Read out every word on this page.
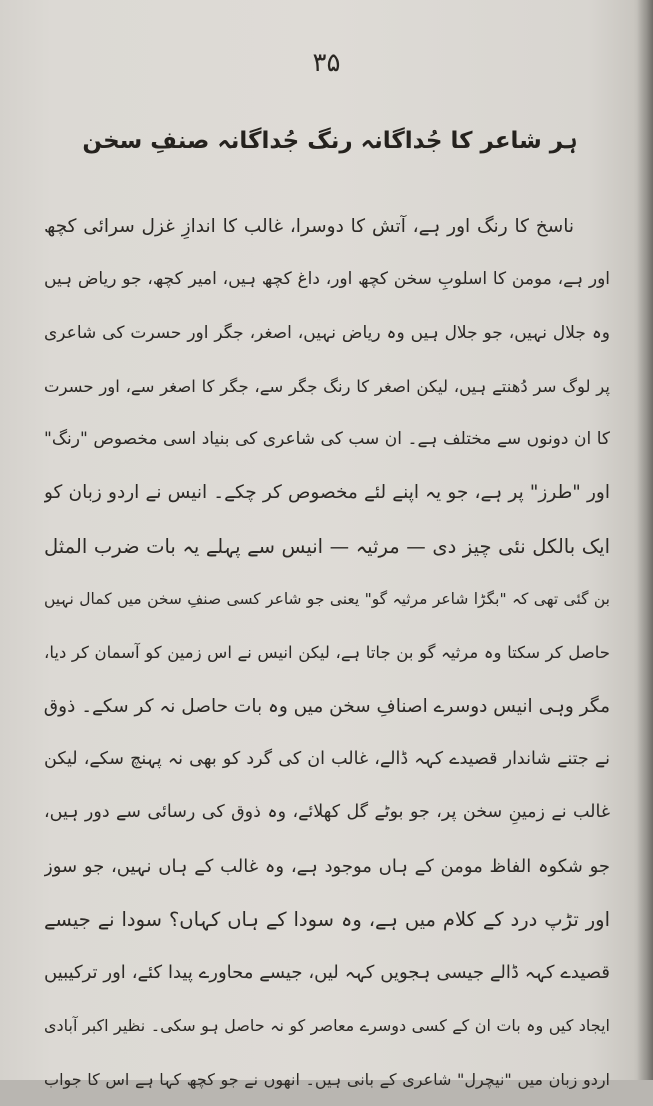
۳۵
ہر شاعر کا جُداگانہ رنگ جُداگانہ صنفِ سخن
ناسخ کا رنگ اور ہے، آتش کا دوسرا، غالب کا اندازِ غزل سرائی کچھ
اور ہے، مومن کا اسلوبِ سخن کچھ اور، داغ کچھ ہیں، امیر کچھ، جو ریاض ہیں
وہ جلال نہیں، جو جلال ہیں وہ ریاض نہیں، اصغر، جگر اور حسرت کی شاعری
پر لوگ سر دُھنتے ہیں، لیکن اصغر کا رنگ جگر سے، جگر کا اصغر سے، اور حسرت
کا ان دونوں سے مختلف ہے۔ ان سب کی شاعری کی بنیاد اسی مخصوص "رنگ"
اور "طرز" پر ہے، جو یہ اپنے لئے مخصوص کر چکے۔ انیس نے اردو زبان کو
ایک بالکل نئی چیز دی — مرثیہ — انیس سے پہلے یہ بات ضرب المثل
بن گئی تھی کہ "بگڑا شاعر مرثیہ گو" یعنی جو شاعر کسی صنفِ سخن میں کمال نہیں
حاصل کر سکتا وہ مرثیہ گو بن جاتا ہے، لیکن انیس نے اس زمین کو آسمان کر دیا،
مگر وہی انیس دوسرے اصنافِ سخن میں وہ بات حاصل نہ کر سکے۔ ذوق
نے جتنے شاندار قصیدے کہہ ڈالے، غالب ان کی گرد کو بھی نہ پہنچ سکے، لیکن
غالب نے زمینِ سخن پر، جو بوٹے گل کھلائے، وہ ذوق کی رسائی سے دور ہیں،
جو شکوہ الفاظ مومن کے ہاں موجود ہے، وہ غالب کے ہاں نہیں، جو سوز
اور تڑپ درد کے کلام میں ہے، وہ سودا کے ہاں کہاں؟ سودا نے جیسے
قصیدے کہہ ڈالے جیسی ہجویں کہہ لیں، جیسے محاورے پیدا کئے، اور ترکیبیں
ایجاد کیں وہ بات ان کے کسی دوسرے معاصر کو نہ حاصل ہو سکی۔ نظیر اکبر آبادی
اردو زبان میں "نیچرل" شاعری کے بانی ہیں۔ انھوں نے جو کچھ کہا ہے اس کا جواب
